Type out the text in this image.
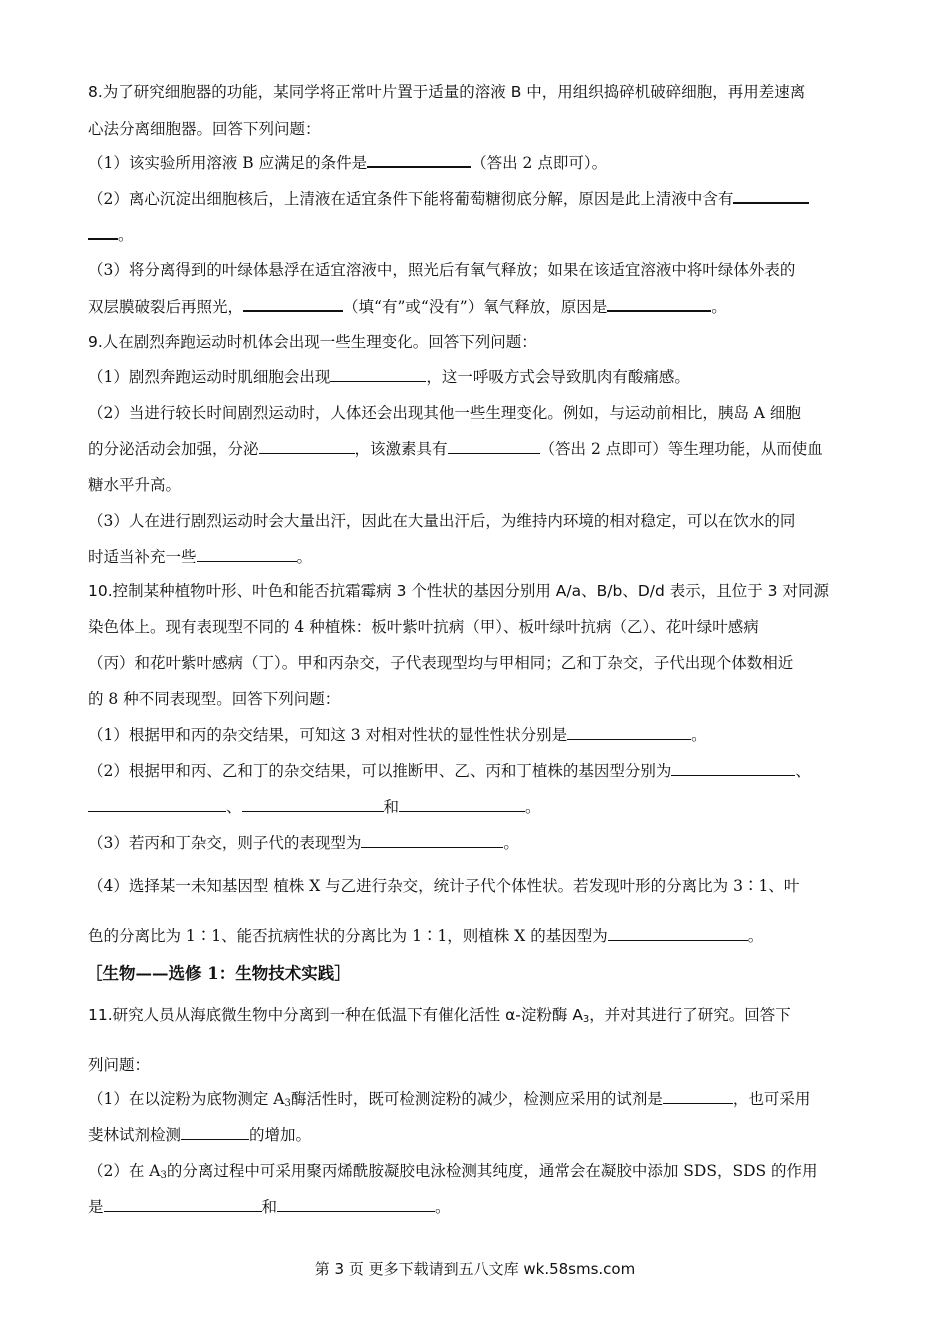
8.为了研究细胞器的功能，某同学将正常叶片置于适量的溶液 B 中，用组织捣碎机破碎细胞，再用差速离
心法分离细胞器。回答下列问题：
（1）该实验所用溶液 B 应满足的条件是	（答出 2 点即可）。
（2）离心沉淀出细胞核后，上清液在适宜条件下能将葡萄糖彻底分解，原因是此上清液中含有
。
（3）将分离得到的叶绿体悬浮在适宜溶液中，照光后有氧气释放；如果在该适宜溶液中将叶绿体外表的
双层膜破裂后再照光，	（填“有”或“没有”）氧气释放，原因是	。
9.人在剧烈奔跑运动时机体会出现一些生理变化。回答下列问题：
（1）剧烈奔跑运动时肌细胞会出现	，这一呼吸方式会导致肌肉有酸痛感。
（2）当进行较长时间剧烈运动时，人体还会出现其他一些生理变化。例如，与运动前相比，胰岛 A 细胞
的分泌活动会加强，分泌	，该激素具有	（答出 2 点即可）等生理功能，从而使血
糖水平升高。
（3）人在进行剧烈运动时会大量出汗，因此在大量出汗后，为维持内环境的相对稳定，可以在饮水的同
时适当补充一些	。
10.控制某种植物叶形、叶色和能否抗霜霉病 3 个性状的基因分别用 A/a、B/b、D/d 表示，且位于 3 对同源
染色体上。现有表现型不同的 4 种植株：板叶紫叶抗病（甲）、板叶绿叶抗病（乙）、花叶绿叶感病
（丙）和花叶紫叶感病（丁）。甲和丙杂交，子代表现型均与甲相同；乙和丁杂交，子代出现个体数相近
的 8 种不同表现型。回答下列问题：
（1）根据甲和丙的杂交结果，可知这 3 对相对性状的显性性状分别是	。
（2）根据甲和丙、乙和丁的杂交结果，可以推断甲、乙、丙和丁植株的基因型分别为	、
、	和	。
（3）若丙和丁杂交，则子代的表现型为	。
（4）选择某一未知基因型 植株 X 与乙进行杂交，统计子代个体性状。若发现叶形的分离比为 3∶1、叶
色的分离比为 1∶1、能否抗病性状的分离比为 1∶1，则植株 X 的基因型为	。
［生物——选修 1：生物技术实践］
11.研究人员从海底微生物中分离到一种在低温下有催化活性 α-淀粉酶 $A_3$，并对其进行了研究。回答下
列问题：
（1）在以淀粉为底物测定 $A_3$酶活性时，既可检测淀粉的减少，检测应采用的试剂是	，也可采用
斐林试剂检测	的增加。
（2）在 $A_3$的分离过程中可采用聚丙烯酰胺凝胶电泳检测其纯度，通常会在凝胶中添加 SDS，SDS 的作用
是	和	。
第 3 页 更多下载请到五八文库 wk.58sms.com
